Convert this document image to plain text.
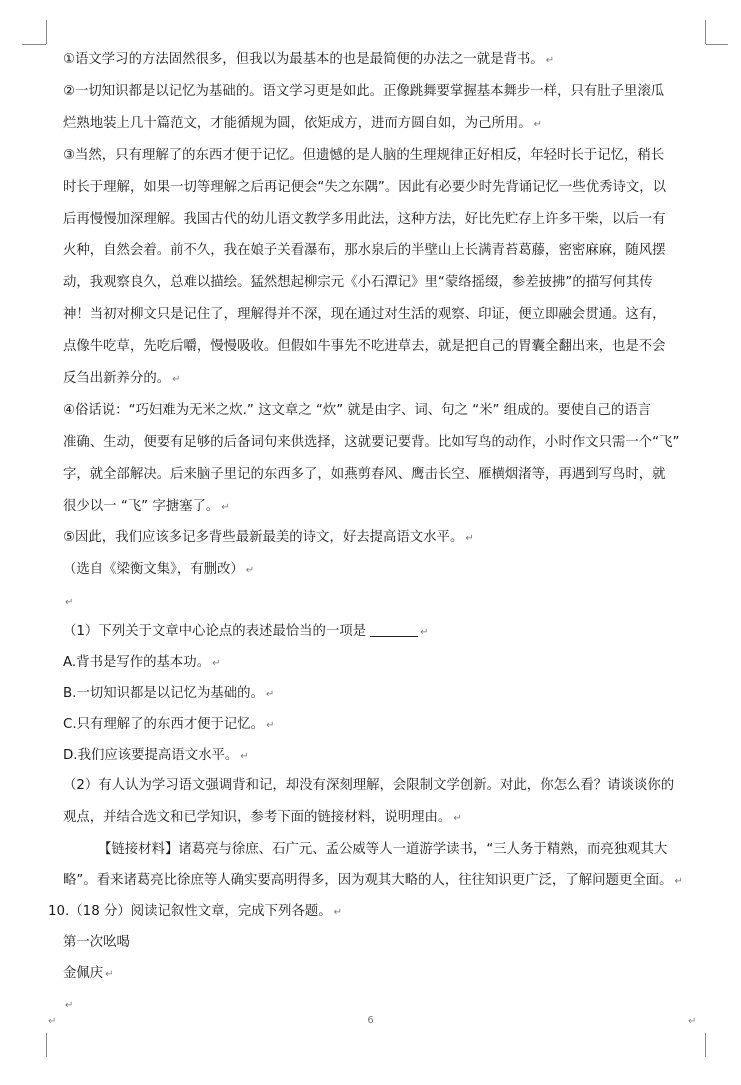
①语文学习的方法固然很多，但我以为最基本的也是最简便的办法之一就是背书。 ↵
②一切知识都是以记忆为基础的。语文学习更是如此。正像跳舞要掌握基本舞步一样，只有肚子里滚瓜
烂熟地装上几十篇范文，才能循规为圆，依矩成方，进而方圆自如，为己所用。 ↵
③当然，只有理解了的东西才便于记忆。但遗憾的是人脑的生理规律正好相反，年轻时长于记忆，稍长
时长于理解，如果一切等理解之后再记便会“失之东隅”。因此有必要少时先背诵记忆一些优秀诗文，以
后再慢慢加深理解。我国古代的幼儿语文教学多用此法，这种方法，好比先贮存上许多干柴，以后一有
火种，自然会着。前不久，我在娘子关看瀑布，那水泉后的半壁山上长满青苔葛藤，密密麻麻，随风摆
动，我观察良久，总难以描绘。猛然想起柳宗元《小石潭记》里“蒙络摇缀，参差披拂”的描写何其传
神！当初对柳文只是记住了，理解得并不深，现在通过对生活的观察、印证，便立即融会贯通。这有，
点像牛吃草，先吃后嚼，慢慢吸收。但假如牛事先不吃进草去，就是把自己的胃囊全翻出来，也是不会
反刍出新养分的。 ↵
④俗话说：“巧妇难为无米之炊.” 这文章之 “炊” 就是由字、词、句之 “米” 组成的。要使自己的语言
准确、生动，便要有足够的后备词句来供选择，这就要记要背。比如写鸟的动作，小时作文只需一个“飞”
字，就全部解决。后来脑子里记的东西多了，如燕剪春风、鹰击长空、雁横烟渚等，再遇到写鸟时，就
很少以一 “飞” 字搪塞了。 ↵
⑤因此，我们应该多记多背些最新最美的诗文，好去提高语文水平。 ↵
（选自《梁衡文集》，有删改） ↵
↵
（1）下列关于文章中心论点的表述最恰当的一项是	↵
A.背书是写作的基本功。 ↵
B.一切知识都是以记忆为基础的。 ↵
C.只有理解了的东西才便于记忆。 ↵
D.我们应该要提高语文水平。 ↵
（2）有人认为学习语文强调背和记，却没有深刻理解，会限制文学创新。对此，你怎么看？请谈谈你的
观点，并结合选文和已学知识，参考下面的链接材料，说明理由。 ↵
【链接材料】诸葛亮与徐庶、石广元、孟公威等人一道游学读书，“三人务于精熟，而亮独观其大
略”。看来诸葛亮比徐庶等人确实要高明得多，因为观其大略的人，往往知识更广泛，了解问题更全面。 ↵
10.（18 分）阅读记叙性文章，完成下列各题。 ↵
第一次吆喝
金佩庆 ↵
↵
↵	6	↵
